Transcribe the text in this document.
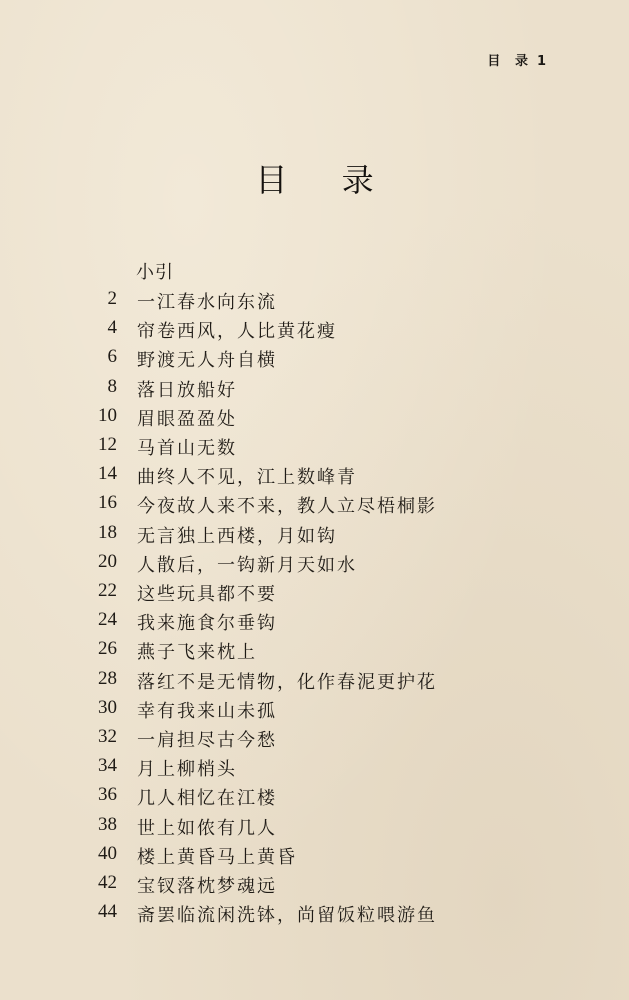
目 录 1
目 录
小引
2 一江春水向东流
4 帘卷西风，人比黄花瘦
6 野渡无人舟自横
8 落日放船好
10 眉眼盈盈处
12 马首山无数
14 曲终人不见，江上数峰青
16 今夜故人来不来，教人立尽梧桐影
18 无言独上西楼，月如钩
20 人散后，一钩新月天如水
22 这些玩具都不要
24 我来施食尔垂钩
26 燕子飞来枕上
28 落红不是无情物，化作春泥更护花
30 幸有我来山未孤
32 一肩担尽古今愁
34 月上柳梢头
36 几人相忆在江楼
38 世上如侬有几人
40 楼上黄昏马上黄昏
42 宝钗落枕梦魂远
44 斋罢临流闲洗钵，尚留饭粒喂游鱼
